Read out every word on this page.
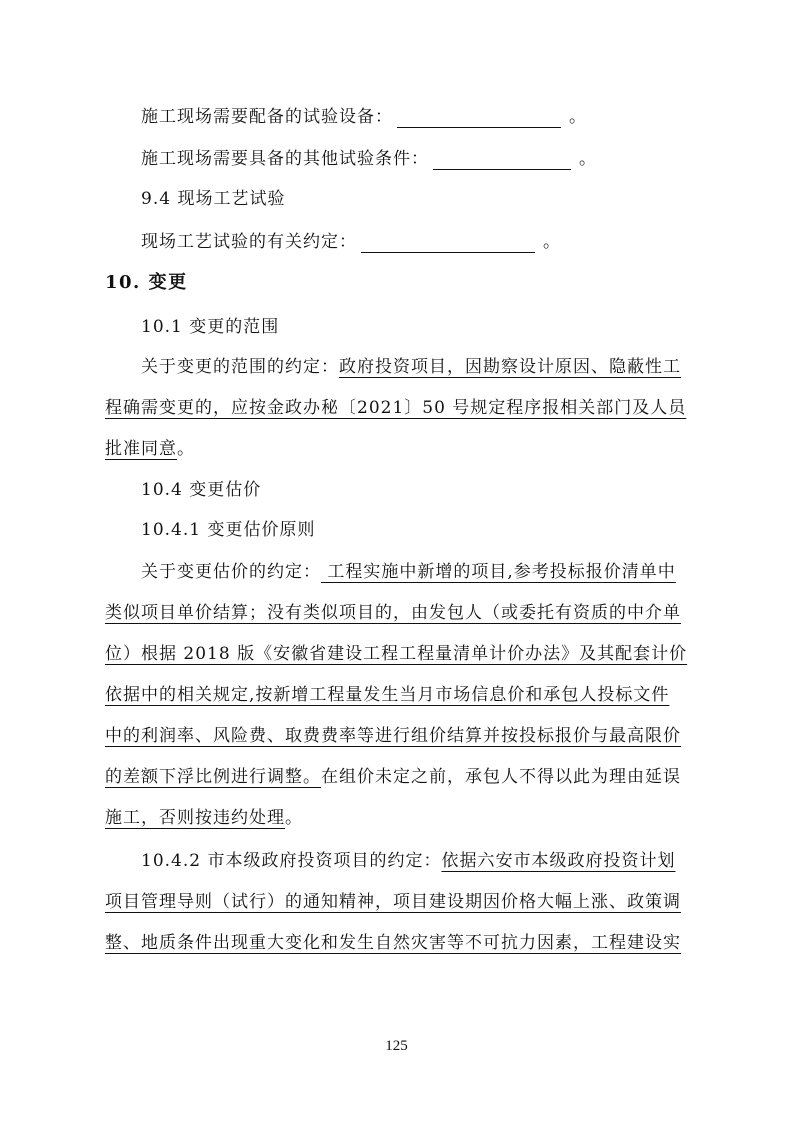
施工现场需要配备的试验设备：	。
施工现场需要具备的其他试验条件：	。
9.4 现场工艺试验
现场工艺试验的有关约定：	。
10. 变更
10.1 变更的范围
关于变更的范围的约定：政府投资项目，因勘察设计原因、隐蔽性工
程确需变更的，应按金政办秘〔2021〕50 号规定程序报相关部门及人员
批准同意。
10.4 变更估价
10.4.1 变更估价原则
关于变更估价的约定： 工程实施中新增的项目,参考投标报价清单中
类似项目单价结算；没有类似项目的，由发包人（或委托有资质的中介单
位）根据 2018 版《安徽省建设工程工程量清单计价办法》及其配套计价
依据中的相关规定,按新增工程量发生当月市场信息价和承包人投标文件
中的利润率、风险费、取费费率等进行组价结算并按投标报价与最高限价
的差额下浮比例进行调整。在组价未定之前，承包人不得以此为理由延误
施工，否则按违约处理。
10.4.2 市本级政府投资项目的约定：依据六安市本级政府投资计划
项目管理导则（试行）的通知精神，项目建设期因价格大幅上涨、政策调
整、地质条件出现重大变化和发生自然灾害等不可抗力因素，工程建设实
125
